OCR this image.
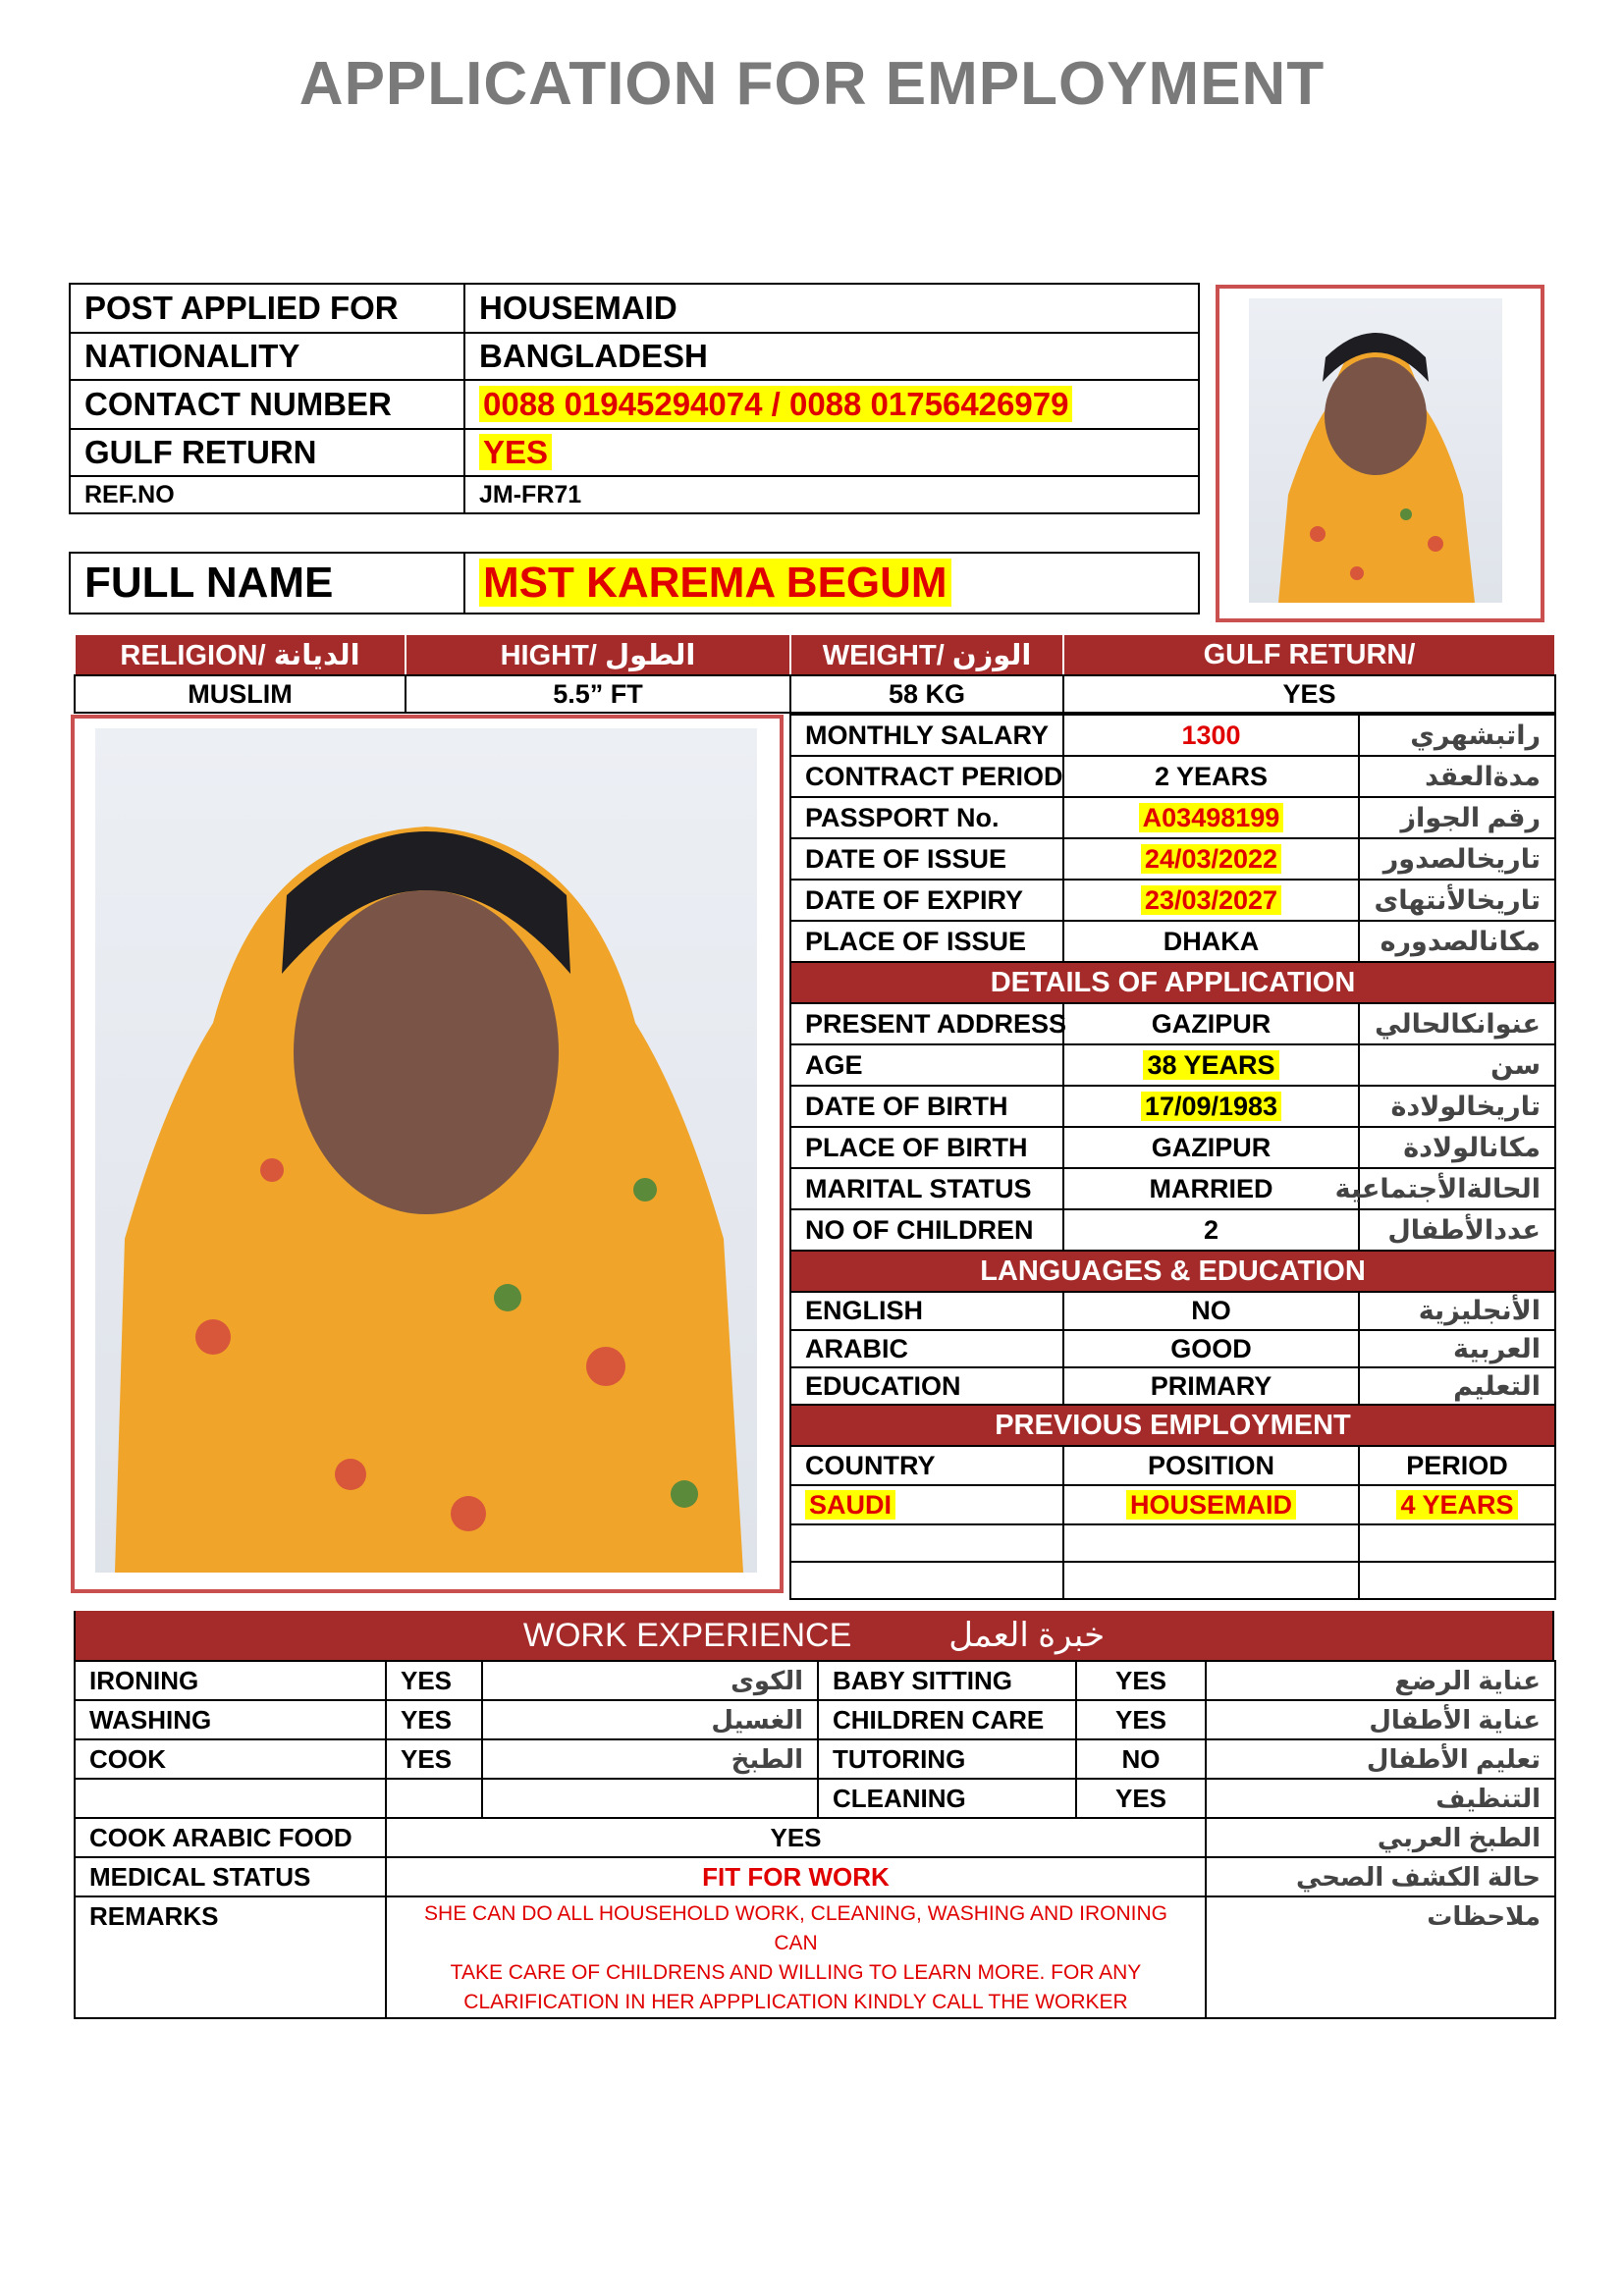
APPLICATION FOR EMPLOYMENT
POST APPLIED FOR	HOUSEMAID
NATIONALITY	BANGLADESH
CONTACT NUMBER	0088 01945294074 / 0088 01756426979
GULF RETURN	YES
REF.NO	JM-FR71
FULL NAME	MST KAREMA BEGUM
RELIGION/ الديانة	HIGHT/ الطول	WEIGHT/ الوزن	GULF RETURN/
MUSLIM	5.5” FT	58 KG	YES
MONTHLY SALARY	1300	راتبشهري
CONTRACT PERIOD	2 YEARS	مدةالعقد
PASSPORT No.	A03498199	رقم الجواز
DATE OF ISSUE	24/03/2022	تاريخالصدور
DATE OF EXPIRY	23/03/2027	تاريخالأنتهاى
PLACE OF ISSUE	DHAKA	مكانالصدوره
DETAILS OF APPLICATION		
PRESENT ADDRESS	GAZIPUR	عنوانكالحالي
AGE	38 YEARS	سن
DATE OF BIRTH	17/09/1983	تاريخالولادة
PLACE OF BIRTH	GAZIPUR	مكانالولادة
MARITAL STATUS	MARRIED	الحالةالأجتماعية
NO OF CHILDREN	2	عددالأطفال
LANGUAGES & EDUCATION		
ENGLISH	NO	الأنجليزية
ARABIC	GOOD	العربية
EDUCATION	PRIMARY	التعليم
PREVIOUS EMPLOYMENT		
COUNTRY	POSITION	PERIOD
SAUDI	HOUSEMAID	4 YEARS

WORK EXPERIENCE	خبرة العمل
IRONING	YES	الكوى	BABY SITTING	YES	عناية الرضع
WASHING	YES	الغسيل	CHILDREN CARE	YES	عناية الأطفال
COOK	YES	الطبخ	TUTORING	NO	تعليم الأطفال
			CLEANING	YES	التنظيف
COOK ARABIC FOOD	YES				الطبخ العربي
MEDICAL STATUS	FIT FOR WORK				حالة الكشف الصحي
REMARKS	SHE CAN DO ALL HOUSEHOLD WORK, CLEANING, WASHING AND IRONING CAN
TAKE CARE OF CHILDRENS AND WILLING TO LEARN MORE. FOR ANY
CLARIFICATION IN HER APPPLICATION KINDLY CALL THE WORKER				ملاحظات
